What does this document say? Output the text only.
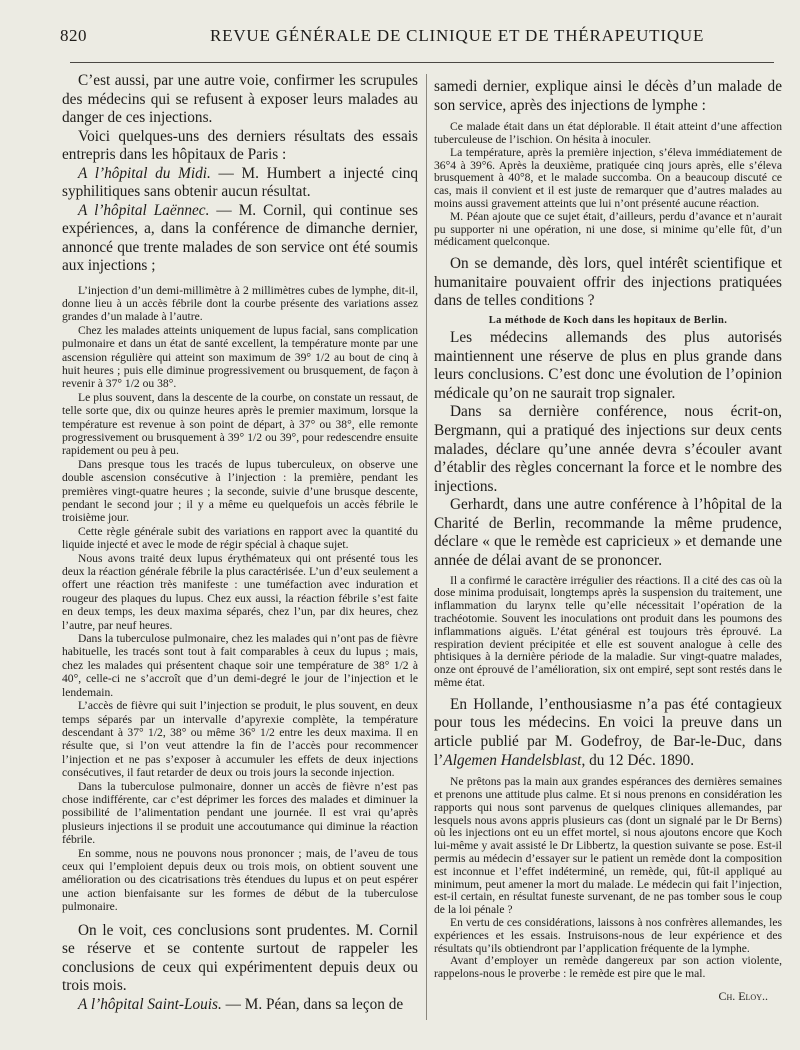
820	REVUE GÉNÉRALE DE CLINIQUE ET DE THÉRAPEUTIQUE

C’est aussi, par une autre voie, confirmer les scrupules des médecins qui se refusent à exposer leurs malades au danger de ces injections.

Voici quelques-uns des derniers résultats des essais entrepris dans les hôpitaux de Paris :

A l’hôpital du Midi. — M. Humbert a injecté cinq syphilitiques sans obtenir aucun résultat.

A l’hôpital Laënnec. — M. Cornil, qui continue ses expériences, a, dans la conférence de dimanche dernier, annoncé que trente malades de son service ont été soumis aux injections ;

L’injection d’un demi-millimètre à 2 millimètres cubes de lymphe, dit-il, donne lieu à un accès fébrile dont la courbe présente des variations assez grandes d’un malade à l’autre.

Chez les malades atteints uniquement de lupus facial, sans complication pulmonaire et dans un état de santé excellent, la température monte par une ascension régulière qui atteint son maximum de 39° 1/2 au bout de cinq à huit heures ; puis elle diminue progressivement ou brusquement, de façon à revenir à 37° 1/2 ou 38°.

Le plus souvent, dans la descente de la courbe, on constate un ressaut, de telle sorte que, dix ou quinze heures après le premier maximum, lorsque la température est revenue à son point de départ, à 37° ou 38°, elle remonte progressivement ou brusquement à 39° 1/2 ou 39°, pour redescendre ensuite rapidement ou peu à peu.

Dans presque tous les tracés de lupus tuberculeux, on observe une double ascension consécutive à l’injection : la première, pendant les premières vingt-quatre heures ; la seconde, suivie d’une brusque descente, pendant le second jour ; il y a même eu quelquefois un accès fébrile le troisième jour.

Cette règle générale subit des variations en rapport avec la quantité du liquide injecté et avec le mode de régir spécial à chaque sujet.

Nous avons traité deux lupus érythémateux qui ont présenté tous les deux la réaction générale fébrile la plus caractérisée. L’un d’eux seulement a offert une réaction très manifeste : une tuméfaction avec induration et rougeur des plaques du lupus. Chez eux aussi, la réaction fébrile s’est faite en deux temps, les deux maxima séparés, chez l’un, par dix heures, chez l’autre, par neuf heures.

Dans la tuberculose pulmonaire, chez les malades qui n’ont pas de fièvre habituelle, les tracés sont tout à fait comparables à ceux du lupus ; mais, chez les malades qui présentent chaque soir une température de 38° 1/2 à 40°, celle-ci ne s’accroît que d’un demi-degré le jour de l’injection et le lendemain.

L’accès de fièvre qui suit l’injection se produit, le plus souvent, en deux temps séparés par un intervalle d’apyrexie complète, la température descendant à 37° 1/2, 38° ou même 36° 1/2 entre les deux maxima. Il en résulte que, si l’on veut attendre la fin de l’accès pour recommencer l’injection et ne pas s’exposer à accumuler les effets de deux injections consécutives, il faut retarder de deux ou trois jours la seconde injection.

Dans la tuberculose pulmonaire, donner un accès de fièvre n’est pas chose indifférente, car c’est déprimer les forces des malades et diminuer la possibilité de l’alimentation pendant une journée. Il est vrai qu’après plusieurs injections il se produit une accoutumance qui diminue la réaction fébrile.

En somme, nous ne pouvons nous prononcer ; mais, de l’aveu de tous ceux qui l’emploient depuis deux ou trois mois, on obtient souvent une amélioration ou des cicatrisations très étendues du lupus et on peut espérer une action bienfaisante sur les formes de début de la tuberculose pulmonaire.

On le voit, ces conclusions sont prudentes. M. Cornil se réserve et se contente surtout de rappeler les conclusions de ceux qui expérimentent depuis deux ou trois mois.

A l’hôpital Saint-Louis. — M. Péan, dans sa leçon de

samedi dernier, explique ainsi le décès d’un malade de son service, après des injections de lymphe :

Ce malade était dans un état déplorable. Il était atteint d’une affection tuberculeuse de l’ischion. On hésita à inoculer.

La température, après la première injection, s’éleva immédiatement de 36°4 à 39°6. Après la deuxième, pratiquée cinq jours après, elle s’éleva brusquement à 40°8, et le malade succomba. On a beaucoup discuté ce cas, mais il convient et il est juste de remarquer que d’autres malades au moins aussi gravement atteints que lui n’ont présenté aucune réaction.

M. Péan ajoute que ce sujet était, d’ailleurs, perdu d’avance et n’aurait pu supporter ni une opération, ni une dose, si minime qu’elle fût, d’un médicament quelconque.

On se demande, dès lors, quel intérêt scientifique et humanitaire pouvaient offrir des injections pratiquées dans de telles conditions ?

La méthode de Koch dans les hopitaux de Berlin.

Les médecins allemands des plus autorisés maintiennent une réserve de plus en plus grande dans leurs conclusions. C’est donc une évolution de l’opinion médicale qu’on ne saurait trop signaler.

Dans sa dernière conférence, nous écrit-on, Bergmann, qui a pratiqué des injections sur deux cents malades, déclare qu’une année devra s’écouler avant d’établir des règles concernant la force et le nombre des injections.

Gerhardt, dans une autre conférence à l’hôpital de la Charité de Berlin, recommande la même prudence, déclare « que le remède est capricieux » et demande une année de délai avant de se prononcer.

Il a confirmé le caractère irrégulier des réactions. Il a cité des cas où la dose minima produisait, longtemps après la suspension du traitement, une inflammation du larynx telle qu’elle nécessitait l’opération de la trachéotomie. Souvent les inoculations ont produit dans les poumons des inflammations aiguës. L’état général est toujours très éprouvé. La respiration devient précipitée et elle est souvent analogue à celle des phtisiques à la dernière période de la maladie. Sur vingt-quatre malades, onze ont éprouvé de l’amélioration, six ont empiré, sept sont restés dans le même état.

En Hollande, l’enthousiasme n’a pas été contagieux pour tous les médecins. En voici la preuve dans un article publié par M. Godefroy, de Bar-le-Duc, dans l’Algemen Handelsblast, du 12 Déc. 1890.

Ne prêtons pas la main aux grandes espérances des dernières semaines et prenons une attitude plus calme. Et si nous prenons en considération les rapports qui nous sont parvenus de quelques cliniques allemandes, par lesquels nous avons appris plusieurs cas (dont un signalé par le Dr Berns) où les injections ont eu un effet mortel, si nous ajoutons encore que Koch lui-même y avait assisté le Dr Libbertz, la question suivante se pose. Est-il permis au médecin d’essayer sur le patient un remède dont la composition est inconnue et l’effet indéterminé, un remède, qui, fût-il appliqué au minimum, peut amener la mort du malade. Le médecin qui fait l’injection, est-il certain, en résultat funeste survenant, de ne pas tomber sous le coup de la loi pénale ?

En vertu de ces considérations, laissons à nos confrères allemandes, les expériences et les essais. Instruisons-nous de leur expérience et des résultats qu’ils obtiendront par l’application fréquente de la lymphe.

Avant d’employer un remède dangereux par son action violente, rappelons-nous le proverbe : le remède est pire que le mal.

Ch. Eloy..
